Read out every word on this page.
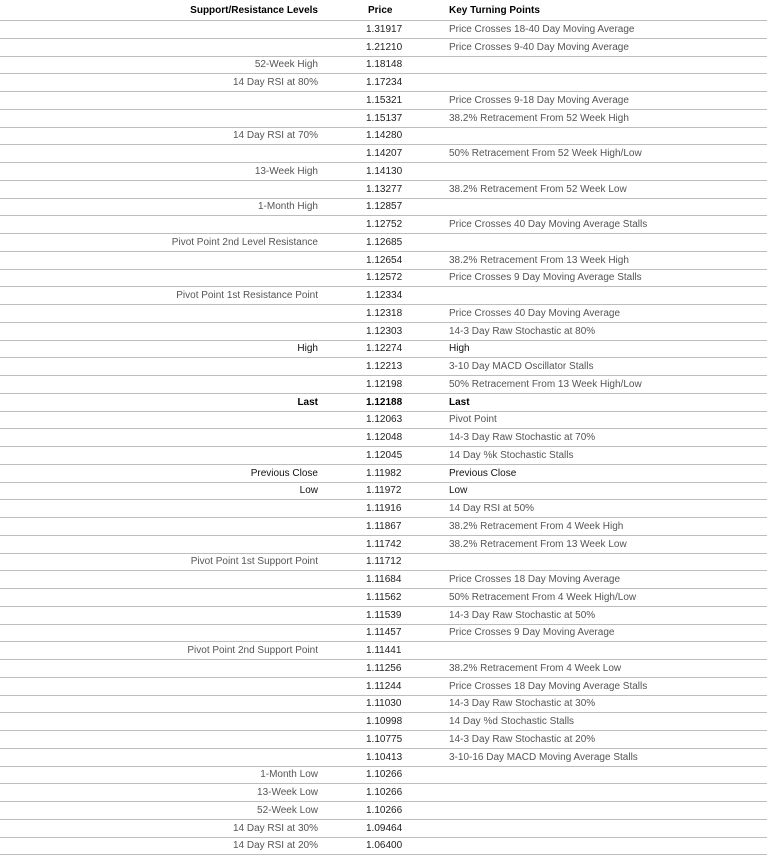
Support/Resistance Levels	Price	Key Turning Points
	1.31917	Price Crosses 18-40 Day Moving Average
	1.21210	Price Crosses 9-40 Day Moving Average
52-Week High	1.18148	
14 Day RSI at 80%	1.17234	
	1.15321	Price Crosses 9-18 Day Moving Average
	1.15137	38.2% Retracement From 52 Week High
14 Day RSI at 70%	1.14280	
	1.14207	50% Retracement From 52 Week High/Low
13-Week High	1.14130	
	1.13277	38.2% Retracement From 52 Week Low
1-Month High	1.12857	
	1.12752	Price Crosses 40 Day Moving Average Stalls
Pivot Point 2nd Level Resistance	1.12685	
	1.12654	38.2% Retracement From 13 Week High
	1.12572	Price Crosses 9 Day Moving Average Stalls
Pivot Point 1st Resistance Point	1.12334	
	1.12318	Price Crosses 40 Day Moving Average
	1.12303	14-3 Day Raw Stochastic at 80%
High	1.12274	High
	1.12213	3-10 Day MACD Oscillator Stalls
	1.12198	50% Retracement From 13 Week High/Low
Last	1.12188	Last
	1.12063	Pivot Point
	1.12048	14-3 Day Raw Stochastic at 70%
	1.12045	14 Day %k Stochastic Stalls
Previous Close	1.11982	Previous Close
Low	1.11972	Low
	1.11916	14 Day RSI at 50%
	1.11867	38.2% Retracement From 4 Week High
	1.11742	38.2% Retracement From 13 Week Low
Pivot Point 1st Support Point	1.11712	
	1.11684	Price Crosses 18 Day Moving Average
	1.11562	50% Retracement From 4 Week High/Low
	1.11539	14-3 Day Raw Stochastic at 50%
	1.11457	Price Crosses 9 Day Moving Average
Pivot Point 2nd Support Point	1.11441	
	1.11256	38.2% Retracement From 4 Week Low
	1.11244	Price Crosses 18 Day Moving Average Stalls
	1.11030	14-3 Day Raw Stochastic at 30%
	1.10998	14 Day %d Stochastic Stalls
	1.10775	14-3 Day Raw Stochastic at 20%
	1.10413	3-10-16 Day MACD Moving Average Stalls
1-Month Low	1.10266	
13-Week Low	1.10266	
52-Week Low	1.10266	
14 Day RSI at 30%	1.09464	
14 Day RSI at 20%	1.06400	
